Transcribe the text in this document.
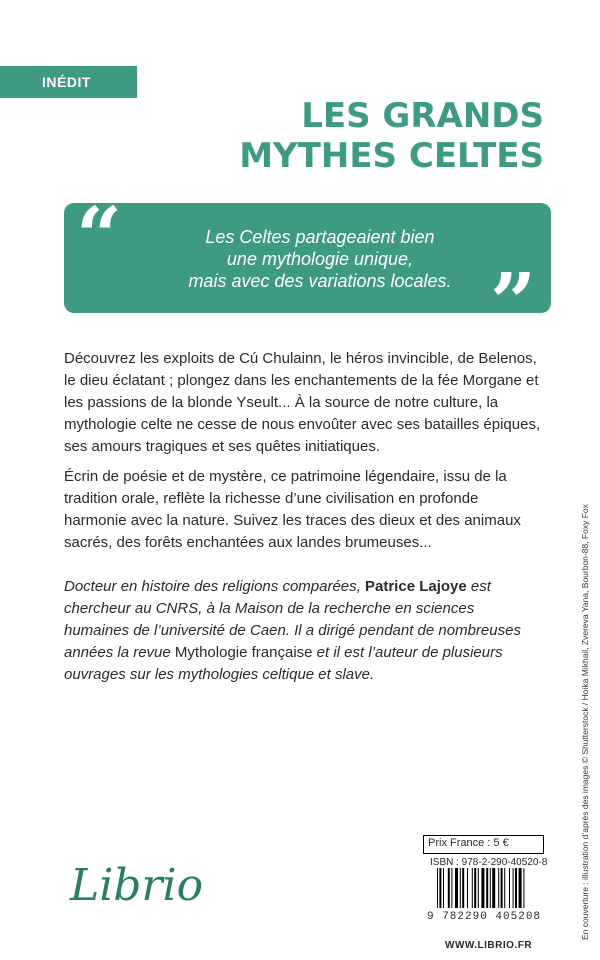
INÉDIT
LES GRANDS
MYTHES CELTES
“
”
Les Celtes partageaient bien
une mythologie unique,
mais avec des variations locales.
Découvrez les exploits de Cú Chulainn, le héros invincible, de Belenos, le dieu éclatant ; plongez dans les enchantements de la fée Morgane et les passions de la blonde Yseult... À la source de notre culture, la mythologie celte ne cesse de nous envoûter avec ses batailles épiques, ses amours tragiques et ses quêtes initiatiques.
Écrin de poésie et de mystère, ce patrimoine légendaire, issu de la tradition orale, reflète la richesse d’une civilisation en profonde harmonie avec la nature. Suivez les traces des dieux et des animaux sacrés, des forêts enchantées aux landes brumeuses...
Docteur en histoire des religions comparées, Patrice Lajoye est chercheur au CNRS, à la Maison de la recherche en sciences humaines de l’université de Caen. Il a dirigé pendant de nombreuses années la revue Mythologie française et il est l’auteur de plusieurs ouvrages sur les mythologies celtique et slave.	En couverture : illustration d’après des images © Shutterstock / Hoika Mikhail, Zvereva Yana, Bourbon-88, Foxy Fox
Librio
Prix France : 5 €
ISBN : 978-2-290-40520-8
9 782290 405208
WWW.LIBRIO.FR
